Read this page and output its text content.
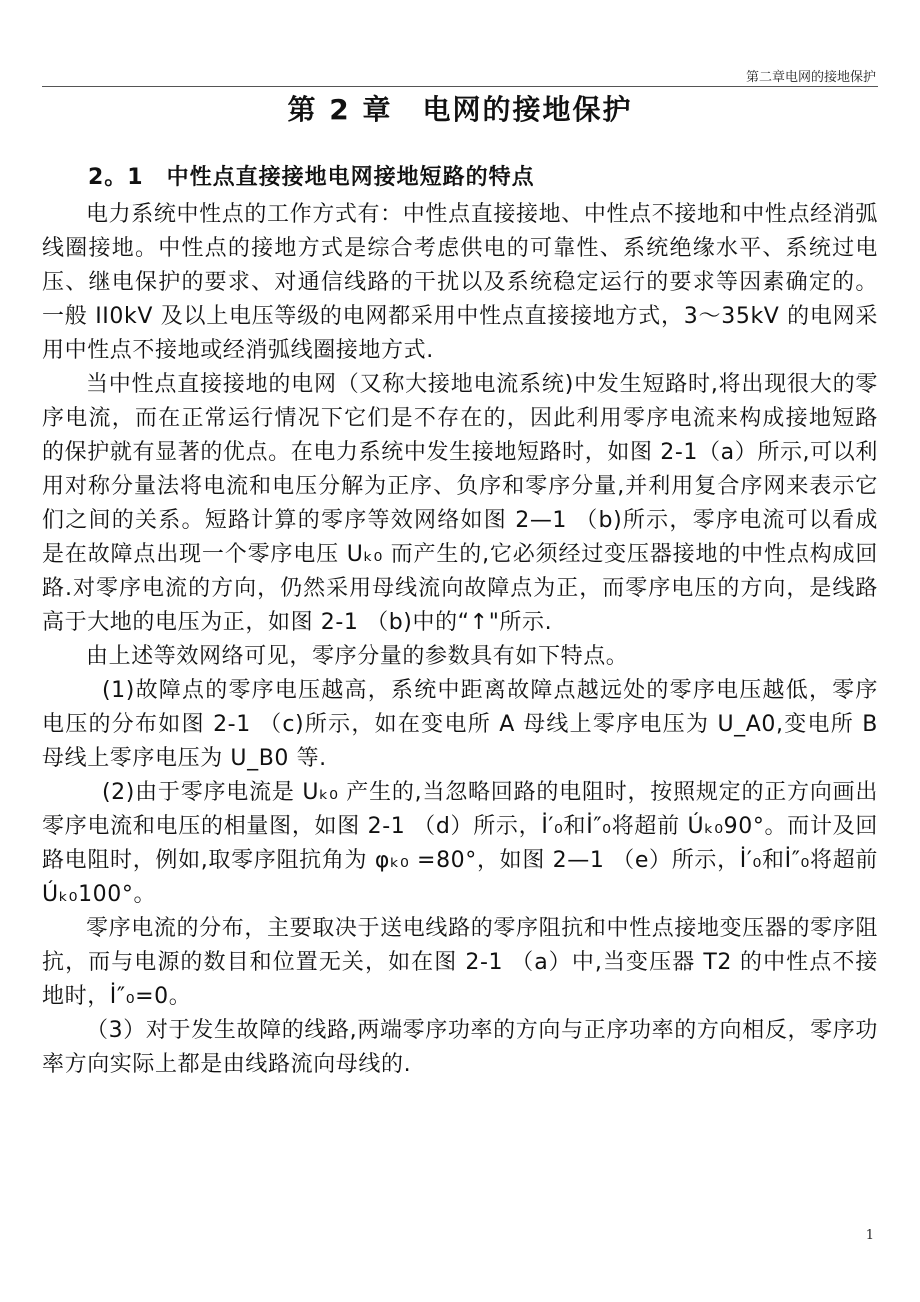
第二章电网的接地保护
第 2 章　电网的接地保护
2。1　中性点直接接地电网接地短路的特点

电力系统中性点的工作方式有：中性点直接接地、中性点不接地和中性点经消弧线圈接地。中性点的接地方式是综合考虑供电的可靠性、系统绝缘水平、系统过电压、继电保护的要求、对通信线路的干扰以及系统稳定运行的要求等因素确定的。一般 II0kV 及以上电压等级的电网都采用中性点直接接地方式，3～35kV 的电网采用中性点不接地或经消弧线圈接地方式.

当中性点直接接地的电网（又称大接地电流系统)中发生短路时,将出现很大的零序电流，而在正常运行情况下它们是不存在的，因此利用零序电流来构成接地短路的保护就有显著的优点。在电力系统中发生接地短路时，如图 2-1（a）所示,可以利用对称分量法将电流和电压分解为正序、负序和零序分量,并利用复合序网来表示它们之间的关系。短路计算的零序等效网络如图 2—1 （b)所示，零序电流可以看成是在故障点出现一个零序电压 Uₖ₀ 而产生的,它必须经过变压器接地的中性点构成回路.对零序电流的方向，仍然采用母线流向故障点为正，而零序电压的方向，是线路高于大地的电压为正，如图 2-1 （b)中的“↑"所示.

由上述等效网络可见，零序分量的参数具有如下特点。

(1)故障点的零序电压越高，系统中距离故障点越远处的零序电压越低，零序电压的分布如图 2-1 （c)所示，如在变电所 A 母线上零序电压为 U_A0,变电所 B 母线上零序电压为 U_B0 等.

(2)由于零序电流是 Uₖ₀ 产生的,当忽略回路的电阻时，按照规定的正方向画出零序电流和电压的相量图，如图 2-1 （d）所示，İ′₀和İ″₀将超前 Úₖ₀90°。而计及回路电阻时，例如,取零序阻抗角为 φₖ₀ =80°，如图 2—1 （e）所示，İ′₀和İ″₀将超前 Úₖ₀100°。

零序电流的分布，主要取决于送电线路的零序阻抗和中性点接地变压器的零序阻抗，而与电源的数目和位置无关，如在图 2-1 （a）中,当变压器 T2 的中性点不接地时，İ″₀=0。

（3）对于发生故障的线路,两端零序功率的方向与正序功率的方向相反，零序功率方向实际上都是由线路流向母线的.

1
